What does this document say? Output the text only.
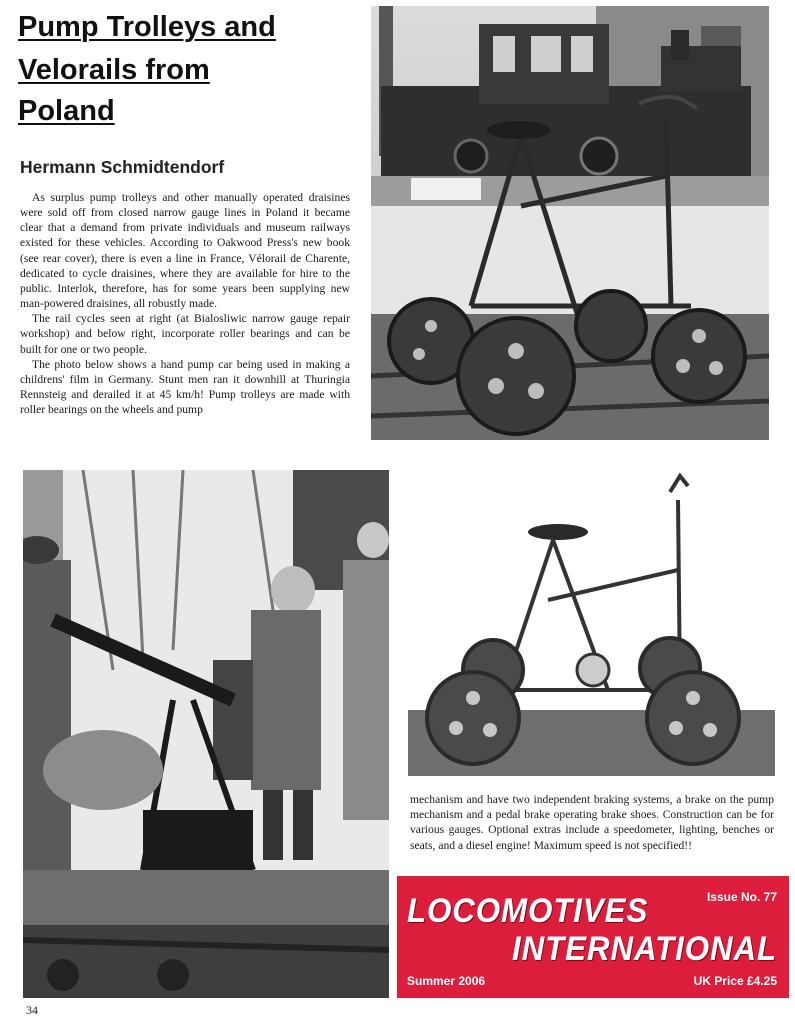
Pump Trolleys and
Velorails from
Poland
Hermann Schmidtendorf

As surplus pump trolleys and other manually operated draisines were sold off from closed narrow gauge lines in Poland it became clear that a demand from private individuals and museum railways existed for these vehicles. According to Oakwood Press's new book (see rear cover), there is even a line in France, Vélorail de Charente, dedicated to cycle draisines, where they are available for hire to the public. Interlok, therefore, has for some years been supplying new man-powered draisines, all robustly made.

The rail cycles seen at right (at Bialosliwic narrow gauge repair workshop) and below right, incorporate roller bearings and can be built for one or two people.

The photo below shows a hand pump car being used in making a childrens' film in Germany. Stunt men ran it downhill at Thuringia Rennsteig and derailed it at 45 km/h! Pump trolleys are made with roller bearings on the wheels and pump

mechanism and have two independent braking systems, a brake on the pump mechanism and a pedal brake operating brake shoes. Construction can be for various gauges. Optional extras include a speedometer, lighting, benches or seats, and a diesel engine! Maximum speed is not specified!!
LOCOMOTIVES
INTERNATIONAL
Issue No. 77
Summer 2006	UK Price £4.25
34
